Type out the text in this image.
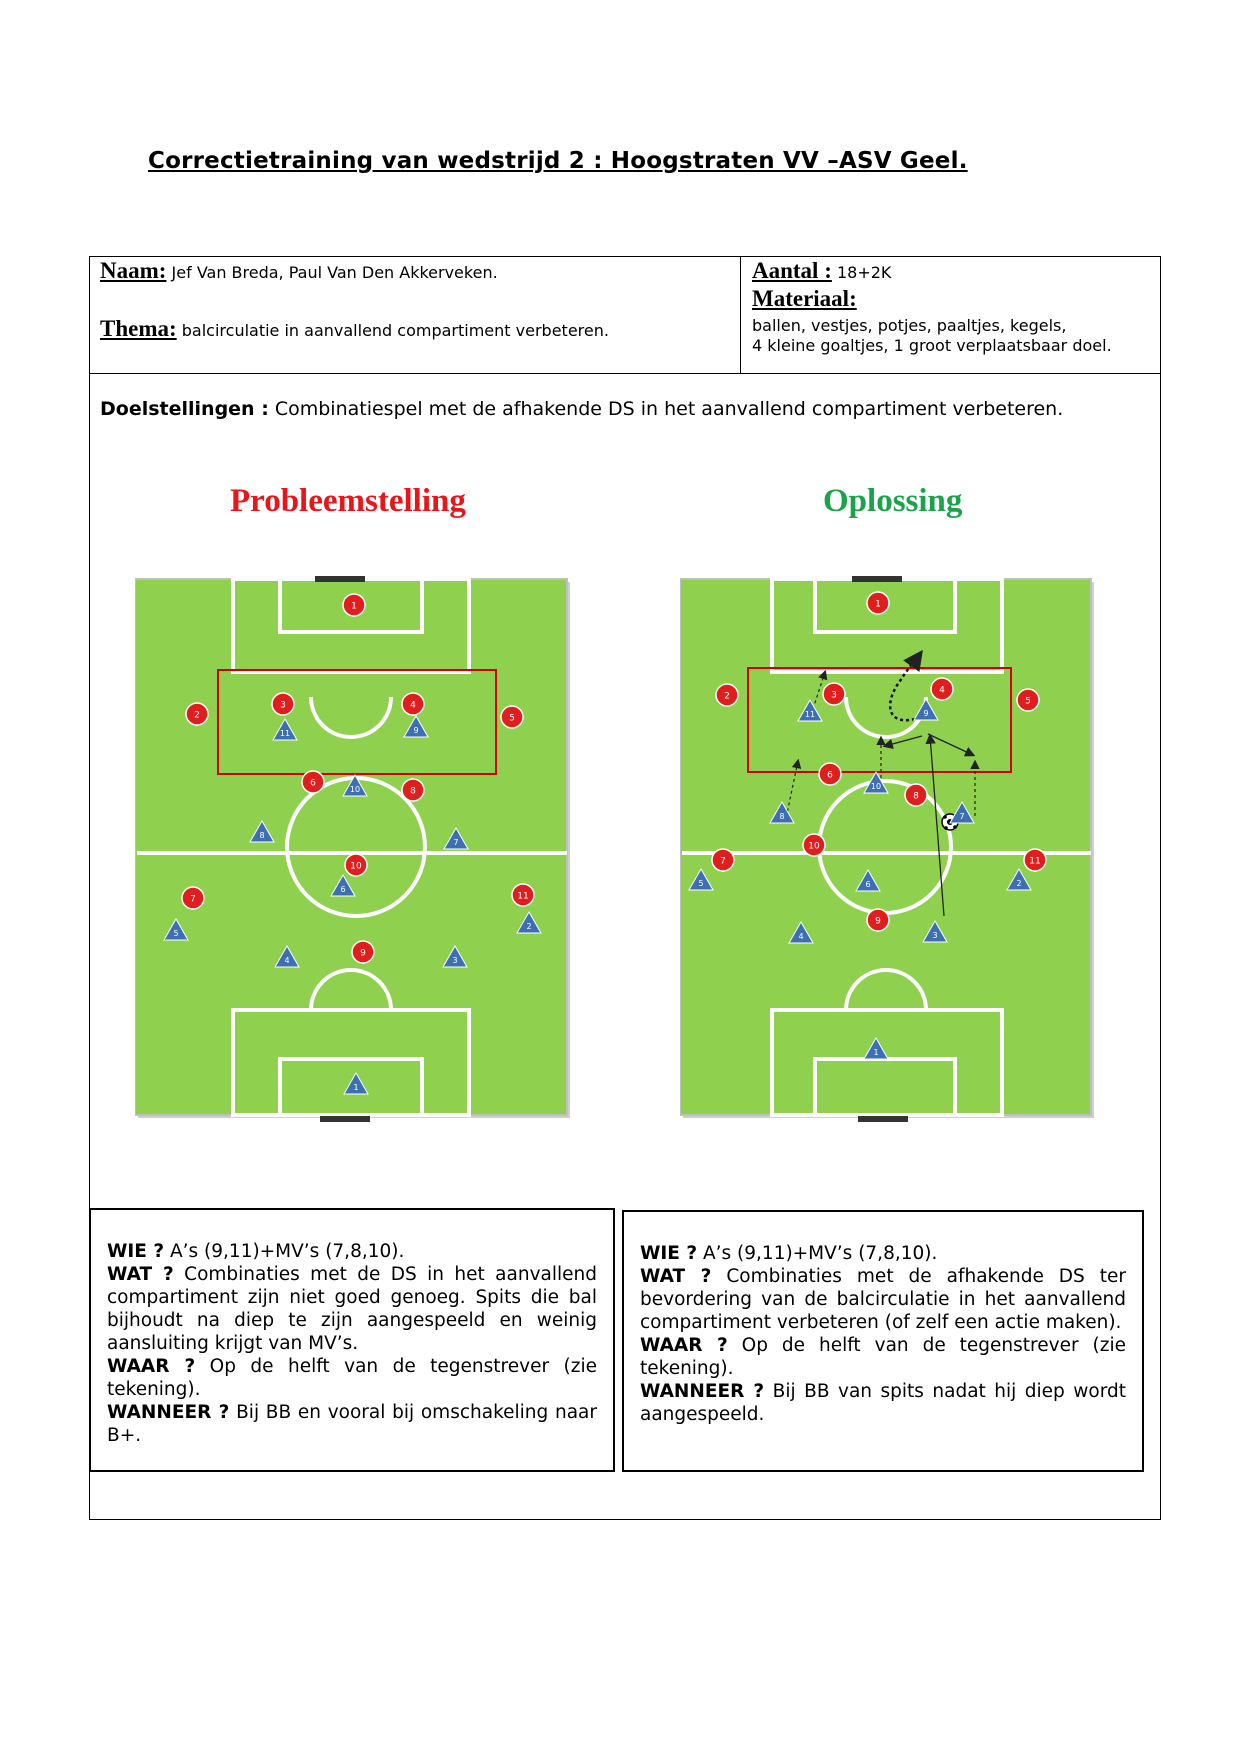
Correctietraining van wedstrijd 2 : Hoogstraten VV –ASV Geel.
Naam: Jef Van Breda, Paul Van Den Akkerveken.
Thema: balcirculatie in aanvallend compartiment verbeteren.
Aantal : 18+2K
Materiaal:
ballen, vestjes, potjes, paaltjes, kegels,
4 kleine goaltjes, 1 groot verplaatsbaar doel.
Doelstellingen : Combinatiespel met de afhakende DS in het aanvallend compartiment verbeteren.
Probleemstelling	Oplossing
1
2
3	4
5
6
8
10
7	11
9
11	9
10
8
7
6
5
2
4	3
1
1
2	3	4
5
6
8
10
7	11
9
11	9
8
10
7
6	2
4	3
1
5
WIE ? A’s (9,11)+MV’s (7,8,10).
WAT ? Combinaties met de DS in het aanvallend compartiment zijn niet goed genoeg. Spits die bal bijhoudt na diep te zijn aangespeeld en weinig aansluiting krijgt van MV’s.
WAAR ? Op de helft van de tegenstrever (zie tekening).
WANNEER ? Bij BB en vooral bij omschakeling naar B+.
WIE ? A’s (9,11)+MV’s (7,8,10).
WAT ? Combinaties met de afhakende DS ter bevordering van de balcirculatie in het aanvallend compartiment verbeteren (of zelf een actie maken).
WAAR ? Op de helft van de tegenstrever (zie tekening).
WANNEER ? Bij BB van spits nadat hij diep wordt aangespeeld.
